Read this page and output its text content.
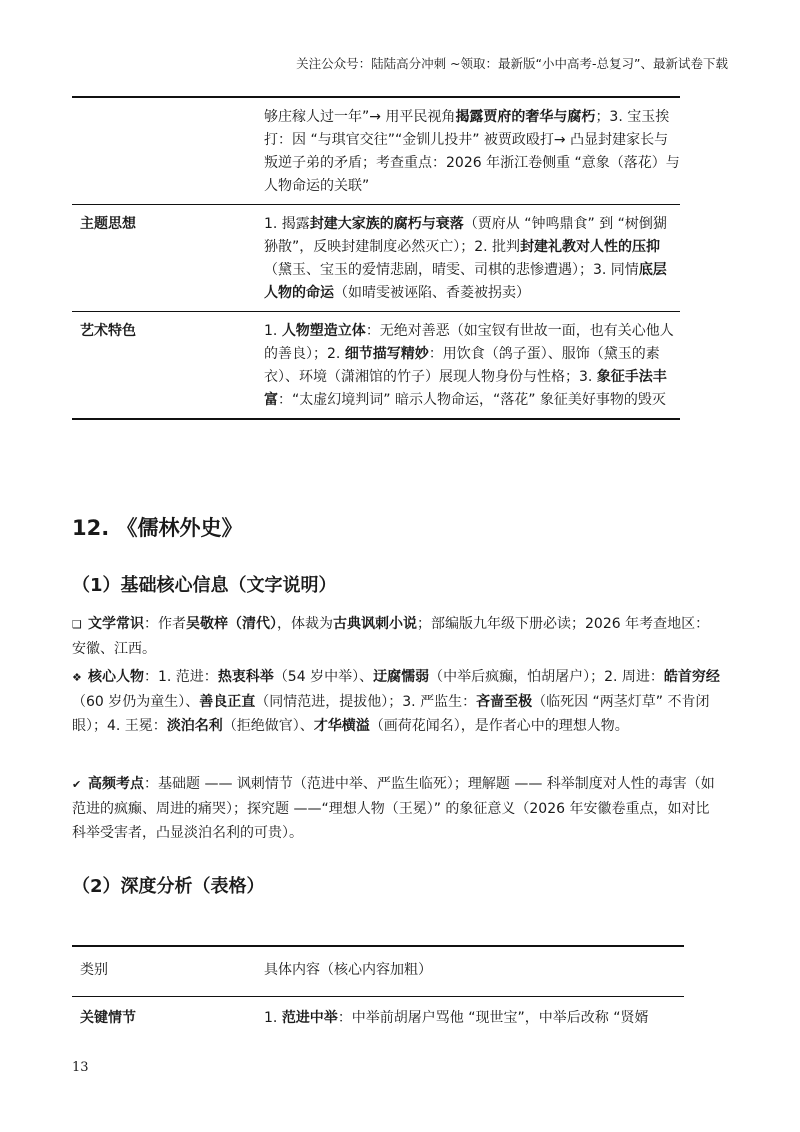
关注公众号：陆陆高分冲刺 ~领取：最新版“小中高考-总复习”、最新试卷下载
够庄稼人过一年”→ 用平民视角揭露贾府的奢华与腐朽；3. 宝玉挨打：因 “与琪官交往”“金钏儿投井” 被贾政殴打→ 凸显封建家长与叛逆子弟的矛盾；考查重点：2026 年浙江卷侧重 “意象（落花）与人物命运的关联”
主题思想	1. 揭露封建大家族的腐朽与衰落（贾府从 “钟鸣鼎食” 到 “树倒猢狲散”，反映封建制度必然灭亡）；2. 批判封建礼教对人性的压抑（黛玉、宝玉的爱情悲剧，晴雯、司棋的悲惨遭遇）；3. 同情底层人物的命运（如晴雯被诬陷、香菱被拐卖）
艺术特色	1. 人物塑造立体：无绝对善恶（如宝钗有世故一面，也有关心他人的善良）；2. 细节描写精妙：用饮食（鸽子蛋）、服饰（黛玉的素衣）、环境（潇湘馆的竹子）展现人物身份与性格；3. 象征手法丰富：“太虚幻境判词” 暗示人物命运，“落花” 象征美好事物的毁灭
12. 《儒林外史》
（1）基础核心信息（文字说明）
❑ 文学常识：作者吴敬梓（清代），体裁为古典讽刺小说；部编版九年级下册必读；2026 年考查地区：安徽、江西。
❖ 核心人物：1. 范进：热衷科举（54 岁中举）、迂腐懦弱（中举后疯癫，怕胡屠户）；2. 周进：皓首穷经（60 岁仍为童生）、善良正直（同情范进，提拔他）；3. 严监生：吝啬至极（临死因 “两茎灯草” 不肯闭眼）；4. 王冕：淡泊名利（拒绝做官）、才华横溢（画荷花闻名），是作者心中的理想人物。
✔ 高频考点：基础题 —— 讽刺情节（范进中举、严监生临死）；理解题 —— 科举制度对人性的毒害（如范进的疯癫、周进的痛哭）；探究题 ——“理想人物（王冕）” 的象征意义（2026 年安徽卷重点，如对比科举受害者，凸显淡泊名利的可贵）。
（2）深度分析（表格）
类别	具体内容（核心内容加粗）
关键情节	1. 范进中举：中举前胡屠户骂他 “现世宝”，中举后改称 “贤婿
13
